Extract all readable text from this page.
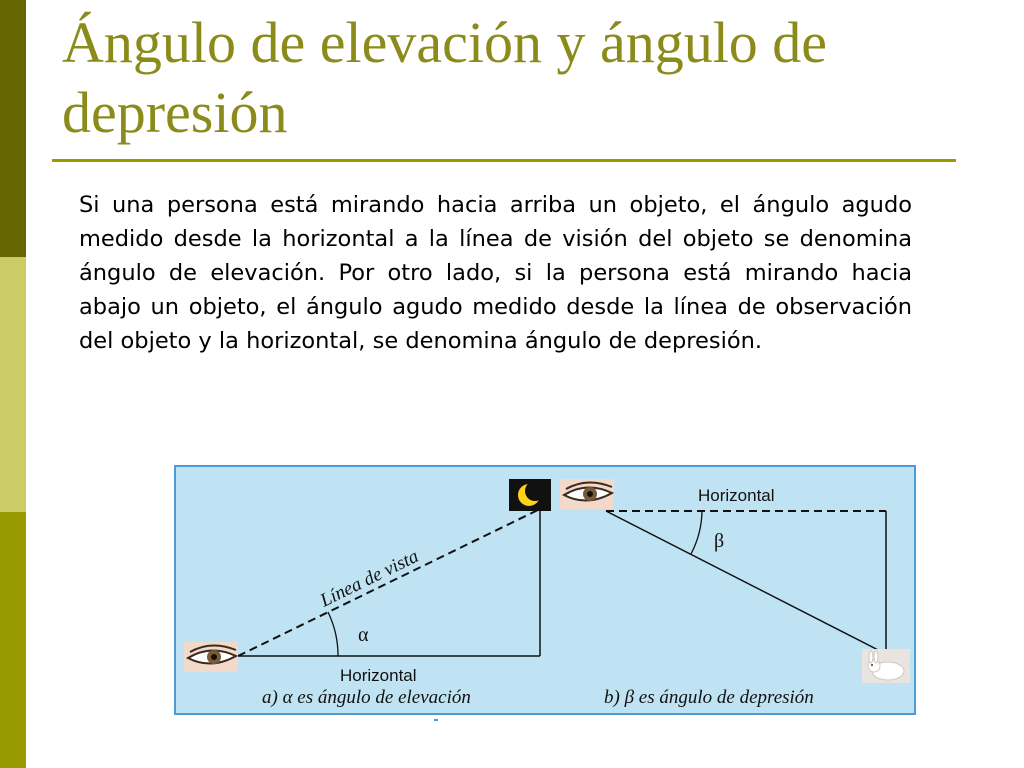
Ángulo de elevación y ángulo de
depresión

Si una persona está mirando hacia arriba un objeto, el ángulo agudo medido desde la horizontal a la línea de visión del objeto se denomina ángulo de elevación. Por otro lado, si la persona está mirando hacia abajo un objeto, el ángulo agudo medido desde la línea de observación del objeto y la horizontal, se denomina ángulo de depresión.

α
Línea de vista
Horizontal
a) α es ángulo de elevación
β
Horizontal
b) β es ángulo de depresión
